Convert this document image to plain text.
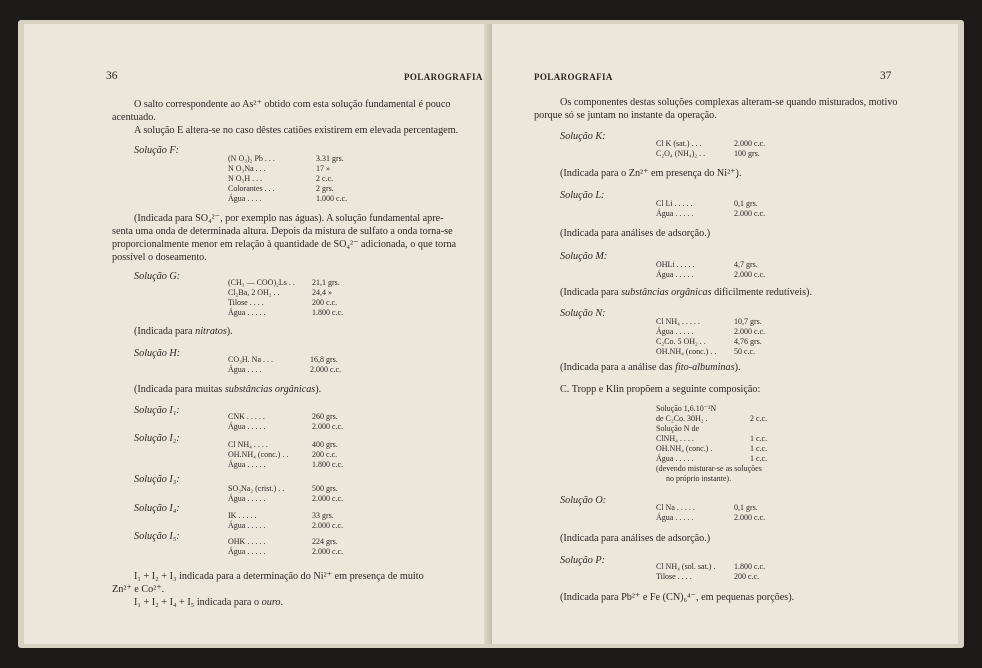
36	POLAROGRAFIA
O salto correspondente ao As²⁺ obtido com esta solução fundamental é pouco
acentuado.
A solução E altera-se no caso dêstes catiões existirem em elevada percentagem.
Solução F:
(N O₃)₂ Pb . . .	3.31 grs.
N O₃Na . . .	17 »
N O₃H . . .	2 c.c.
Colorantes . . .	2 grs.
Água . . . .	1.000 c.c.
(Indicada para SO₄²⁻, por exemplo nas águas). A solução fundamental apre-
senta uma onda de determinada altura. Depois da mistura de sulfato a onda torna-se
proporcionalmente menor em relação à quantidade de SO₄²⁻ adicionada, o que torna
possível o doseamento.
Solução G:
(CH₃ — COO)₂Ls . . 21,1 grs.
Cl₂Ba, 2 OH₂ . .	24,4 »
Tilose . . . .	200 c.c.
Água . . . . .	1.800 c.c.
(Indicada para nitratos).
Solução H:
CO₃H. Na . . .	16,8 grs.
Água . . . .	2.000 c.c.
(Indicada para muitas substâncias orgânicas).
Solução I₁:
CNK . . . . .	260 grs.
Água . . . . .	2.000 c.c.
Solução I₂:
Cl NH₄ . . . .	400 grs.
OH.NH₄ (conc.) . .	200 c.c.
Água . . . . .	1.800 c.c.
Solução I₃:
SO₃Na₂ (crist.) . .	500 grs.
Água . . . . .	2.000 c.c.
Solução I₄:
IK . . . . .	33 grs.
Água . . . . .	2.000 c.c.
Solução I₅:	OHK . . . . .	224 grs.
Água . . . . .	2.000 c.c.
I₁ + I₂ + I₃ indicada para a determinação do Ni²⁺ em presença de muito
Zn²⁺ e Co²⁺.
I₁ + I₂ + I₄ + I₅ indicada para o ouro.
POLAROGRAFIA	37
Os componentes destas soluções complexas alteram-se quando misturados, motivo
porque só se juntam no instante da operação.
Solução K:
Cl K (sat.) . . .	2.000 c.c.
C₂O₄ (NH₄)₂ . .	100 grs.
(Indicada para o Zn²⁺ em presença do Ni²⁺).
Solução L:
Cl Li . . . . .	0,1 grs.
Água . . . . .	2.000 c.c.
(Indicada para análises de adsorção.)
Solução M:
OHLi . . . . .	4,7 grs.
Água . . . . .	2.000 c.c.
(Indicada para substâncias orgânicas dificilmente redutíveis).
Solução N:
Cl NH₄ . . . . .	10,7 grs.
Água . . . . .	2.000 c.c.
C₂Co. 5 OH₂ . .	4,76 grs.
OH.NH₄ (conc.) . . 50 c.c.
(Indicada para a análise das fito-albuminas).
C. Tropp e Klin propõem a seguinte composição:
Solução 1,6.10⁻³N
de C₂Co. 30H₂ .	2 c.c.
Solução N de
ClNH₄ . . . .	1 c.c.
OH.NH₄ (conc.) .	1 c.c.
Água . . . . .	1 c.c.
(devendo misturar-se as soluções
no próprio instante).
Solução O:
Cl Na . . . . .	0,1 grs.
Água . . . . .	2.000 c.c.
(Indicada para análises de adsorção.)
Solução P:
Cl NH₄ (sol. sat.) . 1.800 c.c.
Tilose . . . .	200 c.c.
(Indicada para Pb²⁺ e Fe (CN)₆⁴⁻, em pequenas porções).
